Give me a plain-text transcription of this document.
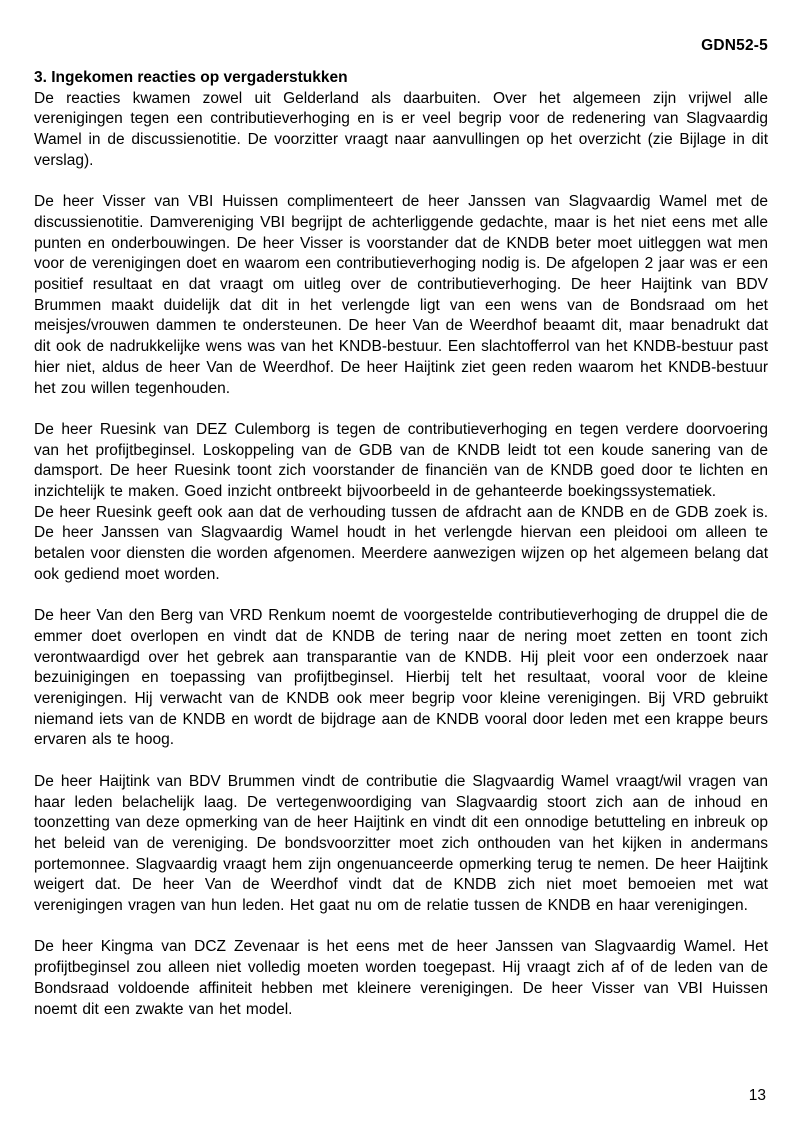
GDN52-5
3. Ingekomen reacties op vergaderstukken

De reacties kwamen zowel uit Gelderland als daarbuiten. Over het algemeen zijn vrijwel alle verenigingen tegen een contributieverhoging en is er veel begrip voor de redenering van Slagvaardig Wamel in de discussienotitie. De voorzitter vraagt naar aanvullingen op het overzicht (zie Bijlage in dit verslag).

De heer Visser van VBI Huissen complimenteert de heer Janssen van Slagvaardig Wamel met de discussienotitie. Damvereniging VBI begrijpt de achterliggende gedachte, maar is het niet eens met alle punten en onderbouwingen. De heer Visser is voorstander dat de KNDB beter moet uitleggen wat men voor de verenigingen doet en waarom een contributieverhoging nodig is. De afgelopen 2 jaar was er een positief resultaat en dat vraagt om uitleg over de contributieverhoging. De heer Haijtink van BDV Brummen maakt duidelijk dat dit in het verlengde ligt van een wens van de Bondsraad om het meisjes/vrouwen dammen te ondersteunen. De heer Van de Weerdhof beaamt dit, maar benadrukt dat dit ook de nadrukkelijke wens was van het KNDB-bestuur. Een slachtofferrol van het KNDB-bestuur past hier niet, aldus de heer Van de Weerdhof. De heer Haijtink ziet geen reden waarom het KNDB-bestuur het zou willen tegenhouden.

De heer Ruesink van DEZ Culemborg is tegen de contributieverhoging en tegen verdere doorvoering van het profijtbeginsel. Loskoppeling van de GDB van de KNDB leidt tot een koude sanering van de damsport. De heer Ruesink toont zich voorstander de financiën van de KNDB goed door te lichten en inzichtelijk te maken. Goed inzicht ontbreekt bijvoorbeeld in de gehanteerde boekingssystematiek.

De heer Ruesink geeft ook aan dat de verhouding tussen de afdracht aan de KNDB en de GDB zoek is. De heer Janssen van Slagvaardig Wamel houdt in het verlengde hiervan een pleidooi om alleen te betalen voor diensten die worden afgenomen. Meerdere aanwezigen wijzen op het algemeen belang dat ook gediend moet worden.

De heer Van den Berg van VRD Renkum noemt de voorgestelde contributieverhoging de druppel die de emmer doet overlopen en vindt dat de KNDB de tering naar de nering moet zetten en toont zich verontwaardigd over het gebrek aan transparantie van de KNDB. Hij pleit voor een onderzoek naar bezuinigingen en toepassing van profijtbeginsel. Hierbij telt het resultaat, vooral voor de kleine verenigingen. Hij verwacht van de KNDB ook meer begrip voor kleine verenigingen. Bij VRD gebruikt niemand iets van de KNDB en wordt de bijdrage aan de KNDB vooral door leden met een krappe beurs ervaren als te hoog.

De heer Haijtink van BDV Brummen vindt de contributie die Slagvaardig Wamel vraagt/wil vragen van haar leden belachelijk laag. De vertegenwoordiging van Slagvaardig stoort zich aan de inhoud en toonzetting van deze opmerking van de heer Haijtink en vindt dit een onnodige betutteling en inbreuk op het beleid van de vereniging. De bondsvoorzitter moet zich onthouden van het kijken in andermans portemonnee. Slagvaardig vraagt hem zijn ongenuanceerde opmerking terug te nemen. De heer Haijtink weigert dat. De heer Van de Weerdhof vindt dat de KNDB zich niet moet bemoeien met wat verenigingen vragen van hun leden. Het gaat nu om de relatie tussen de KNDB en haar verenigingen.

De heer Kingma van DCZ Zevenaar is het eens met de heer Janssen van Slagvaardig Wamel. Het profijtbeginsel zou alleen niet volledig moeten worden toegepast. Hij vraagt zich af of de leden van de Bondsraad voldoende affiniteit hebben met kleinere verenigingen. De heer Visser van VBI Huissen noemt dit een zwakte van het model.

13
